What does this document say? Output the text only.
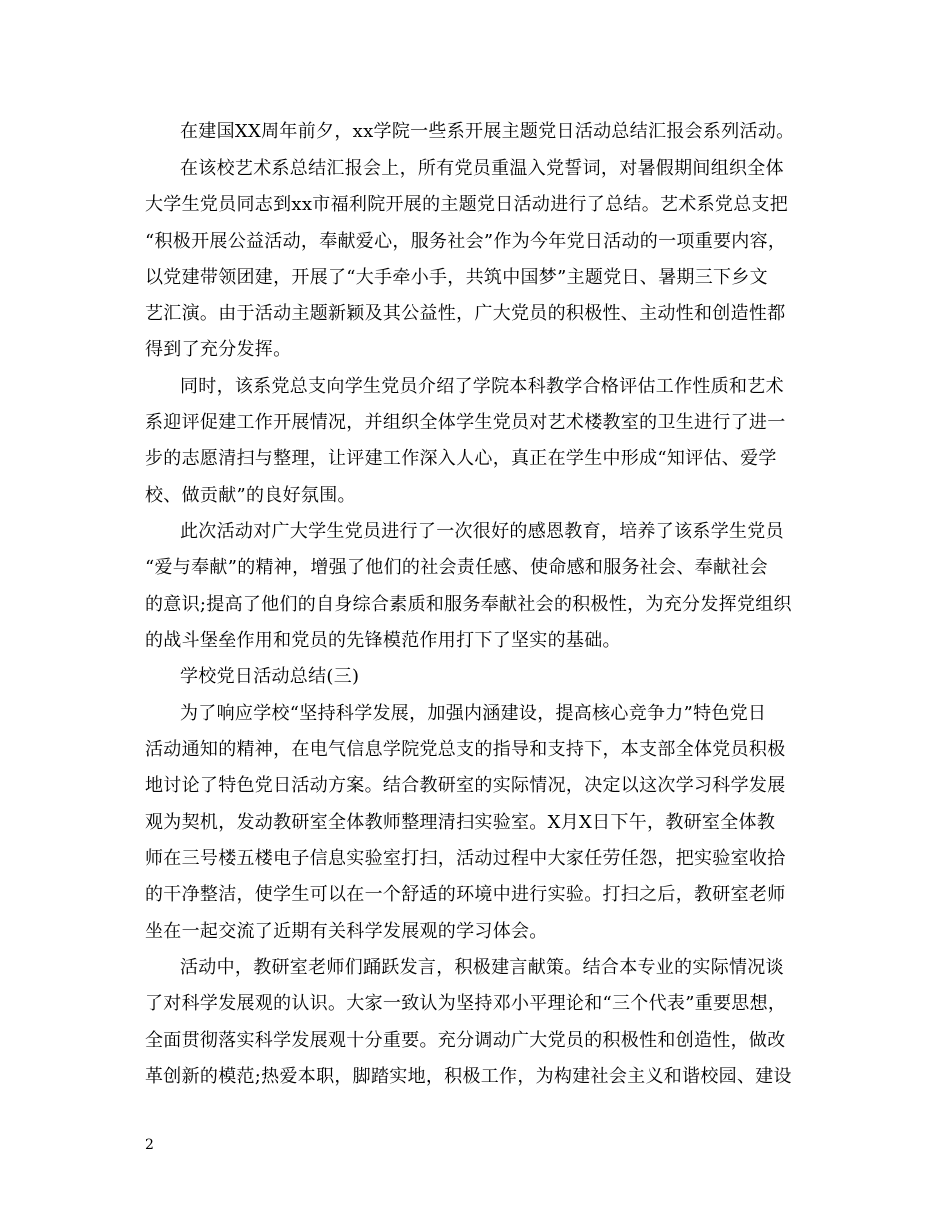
在建国XX周年前夕，xx学院一些系开展主题党日活动总结汇报会系列活动。
在该校艺术系总结汇报会上，所有党员重温入党誓词，对暑假期间组织全体
大学生党员同志到xx市福利院开展的主题党日活动进行了总结。艺术系党总支把
“积极开展公益活动，奉献爱心，服务社会”作为今年党日活动的一项重要内容，
以党建带领团建，开展了“大手牵小手，共筑中国梦”主题党日、暑期三下乡文
艺汇演。由于活动主题新颖及其公益性，广大党员的积极性、主动性和创造性都
得到了充分发挥。
同时，该系党总支向学生党员介绍了学院本科教学合格评估工作性质和艺术
系迎评促建工作开展情况，并组织全体学生党员对艺术楼教室的卫生进行了进一
步的志愿清扫与整理，让评建工作深入人心，真正在学生中形成“知评估、爱学
校、做贡献”的良好氛围。
此次活动对广大学生党员进行了一次很好的感恩教育，培养了该系学生党员
“爱与奉献”的精神，增强了他们的社会责任感、使命感和服务社会、奉献社会
的意识;提高了他们的自身综合素质和服务奉献社会的积极性，为充分发挥党组织
的战斗堡垒作用和党员的先锋模范作用打下了坚实的基础。
学校党日活动总结(三)
为了响应学校“坚持科学发展，加强内涵建设，提高核心竞争力”特色党日
活动通知的精神，在电气信息学院党总支的指导和支持下，本支部全体党员积极
地讨论了特色党日活动方案。结合教研室的实际情况，决定以这次学习科学发展
观为契机，发动教研室全体教师整理清扫实验室。X月X日下午，教研室全体教
师在三号楼五楼电子信息实验室打扫，活动过程中大家任劳任怨，把实验室收拾
的干净整洁，使学生可以在一个舒适的环境中进行实验。打扫之后，教研室老师
坐在一起交流了近期有关科学发展观的学习体会。
活动中，教研室老师们踊跃发言，积极建言献策。结合本专业的实际情况谈
了对科学发展观的认识。大家一致认为坚持邓小平理论和“三个代表”重要思想，
全面贯彻落实科学发展观十分重要。充分调动广大党员的积极性和创造性，做改
革创新的模范;热爱本职，脚踏实地，积极工作，为构建社会主义和谐校园、建设
2
